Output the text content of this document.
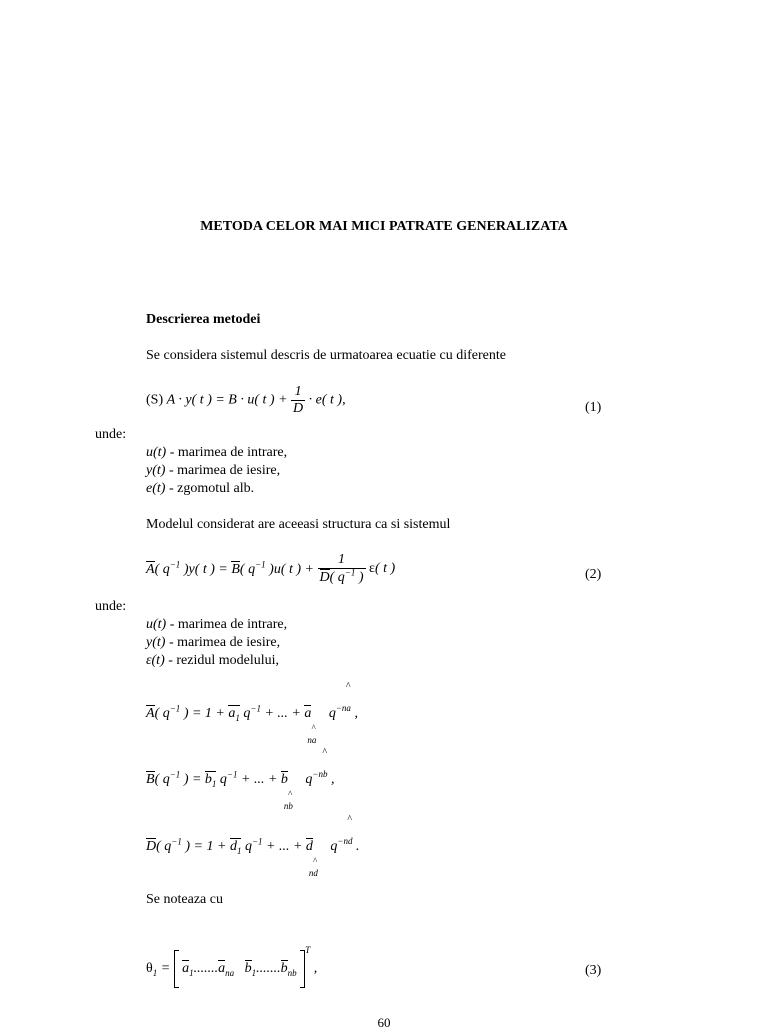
METODA CELOR MAI MICI PATRATE GENERALIZATA
Descrierea metodei
Se considera sistemul descris de urmatoarea ecuatie cu diferente
(S) A · y( t ) = B · u( t ) + $\frac{1}{D} \cdot e$( t ),	(1)
unde:
u(t) - marimea de intrare,
y(t) - marimea de iesire,
e(t) - zgomotul alb.
Modelul considerat are aceeasi structura ca si sistemul
A( $q^{-1}$ )y( t ) = B( $q^{-1}$ )u( t ) + $\frac{1}{D( q^{-1} )} \varepsilon$( t )	(2)
unde:
u(t) - marimea de intrare,
y(t) - marimea de iesire,
ε(t) - rezidul modelului,
A( $q^{-1}$ ) = $1 + a_1$ $q^{-1}$ + ... + a
^
na
q
$^{\^{} -na}$ ,
B( $q^{-1}$ ) = $b_1$ $q^{-1}$ + ... + b
^
nb
q
$^{\^{} -nb}$ ,
D( $q^{-1}$ ) = $1 + d_1$ $q^{-1}$ + ... + d
^
nd
q
$^{\^{} -nd}$ .
Se noteaza cu
$\theta_1 = a_1.......a_{na}$ $b_1.......b_{nb}$ $^T$ ,	(3)
60
